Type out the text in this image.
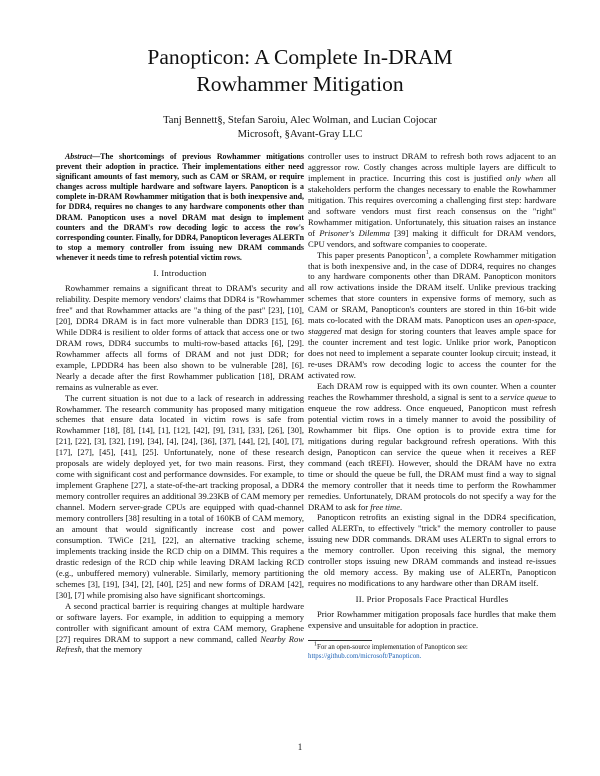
Panopticon: A Complete In-DRAM
Rowhammer Mitigation
Tanj Bennett§, Stefan Saroiu, Alec Wolman, and Lucian Cojocar
Microsoft, §Avant-Gray LLC

Abstract—The shortcomings of previous Rowhammer mitigations prevent their adoption in practice. Their implementations either need significant amounts of fast memory, such as CAM or SRAM, or require changes across multiple hardware and software layers. Panopticon is a complete in-DRAM Rowhammer mitigation that is both inexpensive and, for DDR4, requires no changes to any hardware components other than DRAM. Panopticon uses a novel DRAM mat design to implement counters and the DRAM's row decoding logic to access the row's corresponding counter. Finally, for DDR4, Panopticon leverages ALERTn to stop a memory controller from issuing new DRAM commands whenever it needs time to refresh potential victim rows.

I. Introduction

Rowhammer remains a significant threat to DRAM's security and reliability. Despite memory vendors' claims that DDR4 is "Rowhammer free" and that Rowhammer attacks are "a thing of the past" [23], [10], [20], DDR4 DRAM is in fact more vulnerable than DDR3 [15], [6]. While DDR4 is resilient to older forms of attack that access one or two DRAM rows, DDR4 succumbs to multi-row-based attacks [6], [29]. Rowhammer affects all forms of DRAM and not just DDR; for example, LPDDR4 has been also shown to be vulnerable [28], [6]. Nearly a decade after the first Rowhammer publication [18], DRAM remains as vulnerable as ever.

The current situation is not due to a lack of research in addressing Rowhammer. The research community has proposed many mitigation schemes that ensure data located in victim rows is safe from Rowhammer [18], [8], [14], [1], [12], [42], [9], [31], [33], [26], [30], [21], [22], [3], [32], [19], [34], [4], [24], [36], [37], [44], [2], [40], [7], [17], [27], [45], [41], [25]. Unfortunately, none of these research proposals are widely deployed yet, for two main reasons. First, they come with significant cost and performance downsides. For example, to implement Graphene [27], a state-of-the-art tracking proposal, a DDR4 memory controller requires an additional 39.23KB of CAM memory per channel. Modern server-grade CPUs are equipped with quad-channel memory controllers [38] resulting in a total of 160KB of CAM memory, an amount that would significantly increase cost and power consumption. TWiCe [21], [22], an alternative tracking scheme, implements tracking inside the RCD chip on a DIMM. This requires a drastic redesign of the RCD chip while leaving DRAM lacking RCD (e.g., unbuffered memory) vulnerable. Similarly, memory partitioning schemes [3], [19], [34], [2], [40], [25] and new forms of DRAM [42], [30], [7] while promising also have significant shortcomings.

A second practical barrier is requiring changes at multiple hardware or software layers. For example, in addition to equipping a memory controller with significant amount of extra CAM memory, Graphene [27] requires DRAM to support a new command, called Nearby Row Refresh, that the memory

controller uses to instruct DRAM to refresh both rows adjacent to an aggressor row. Costly changes across multiple layers are difficult to implement in practice. Incurring this cost is justified only when all stakeholders perform the changes necessary to enable the Rowhammer mitigation. This requires overcoming a challenging first step: hardware and software vendors must first reach consensus on the "right" Rowhammer mitigation. Unfortunately, this situation raises an instance of Prisoner's Dilemma [39] making it difficult for DRAM vendors, CPU vendors, and software companies to cooperate.

This paper presents Panopticon$^1$, a complete Rowhammer mitigation that is both inexpensive and, in the case of DDR4, requires no changes to any hardware components other than DRAM. Panopticon monitors all row activations inside the DRAM itself. Unlike previous tracking schemes that store counters in expensive forms of memory, such as CAM or SRAM, Panopticon's counters are stored in thin 16-bit wide mats co-located with the DRAM mats. Panopticon uses an open-space, staggered mat design for storing counters that leaves ample space for the counter increment and test logic. Unlike prior work, Panopticon does not need to implement a separate counter lookup circuit; instead, it re-uses DRAM's row decoding logic to access the counter for the activated row.

Each DRAM row is equipped with its own counter. When a counter reaches the Rowhammer threshold, a signal is sent to a service queue to enqueue the row address. Once enqueued, Panopticon must refresh potential victim rows in a timely manner to avoid the possibility of Rowhammer bit flips. One option is to provide extra time for mitigations during regular background refresh operations. With this design, Panopticon can service the queue when it receives a REF command (each tREFI). However, should the DRAM have no extra time or should the queue be full, the DRAM must find a way to signal the memory controller that it needs time to perform the Rowhammer remedies. Unfortunately, DRAM protocols do not specify a way for the DRAM to ask for free time.

Panopticon retrofits an existing signal in the DDR4 specification, called ALERTn, to effectively "trick" the memory controller to pause issuing new DDR commands. DRAM uses ALERTn to signal errors to the memory controller. Upon receiving this signal, the memory controller stops issuing new DRAM commands and instead re-issues the old memory access. By making use of ALERTn, Panopticon requires no modifications to any hardware other than DRAM itself.

II. Prior Proposals Face Practical Hurdles

Prior Rowhammer mitigation proposals face hurdles that make them expensive and unsuitable for adoption in practice.

$^1$For an open-source implementation of Panopticon see: https://github.com/microsoft/Panopticon.

1
